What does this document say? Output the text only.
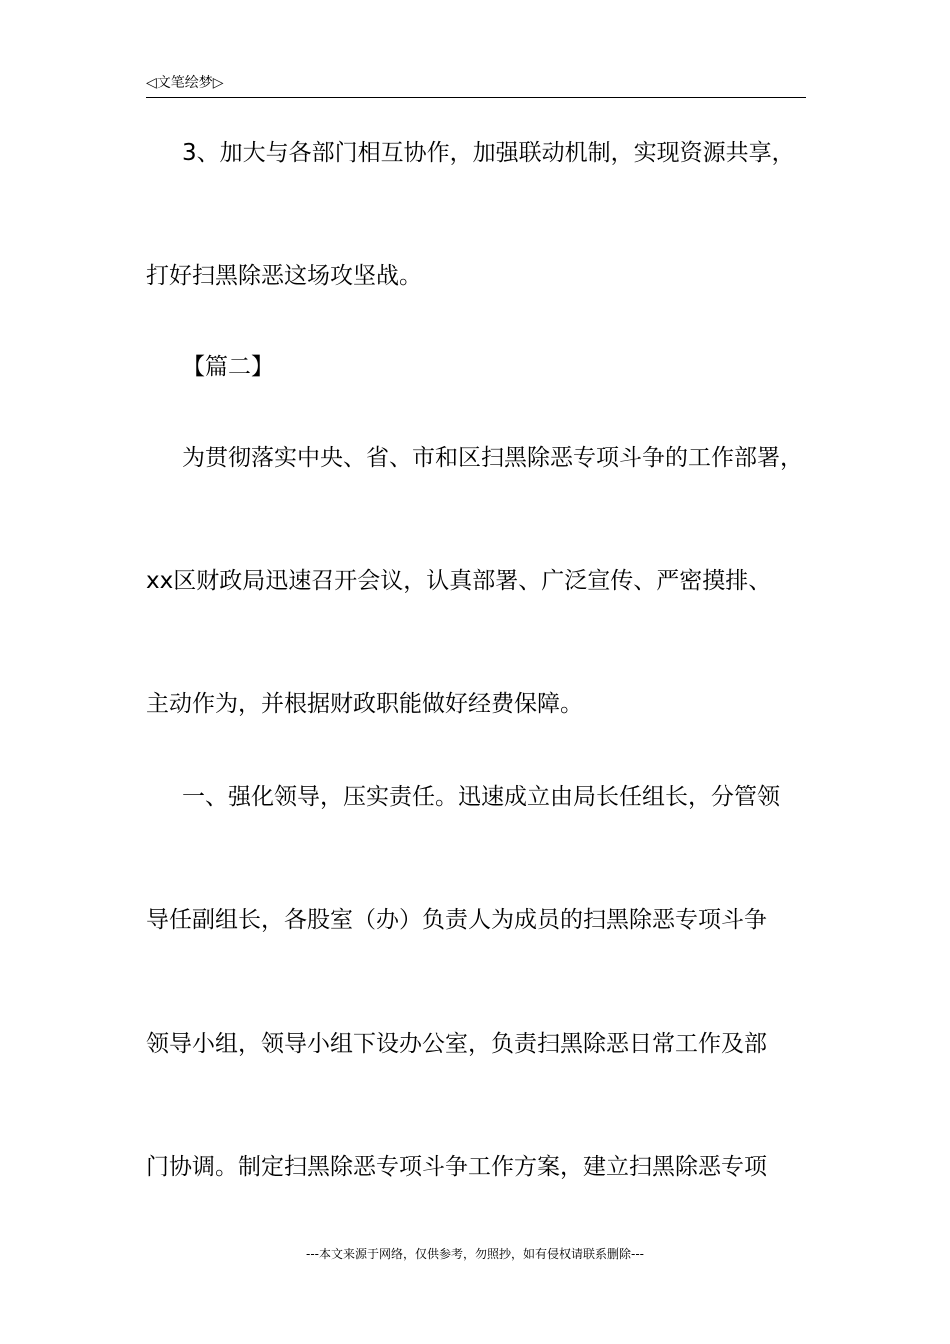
◁文笔绘梦▷
3、加大与各部门相互协作，加强联动机制，实现资源共享，
打好扫黑除恶这场攻坚战。
【篇二】
为贯彻落实中央、省、市和区扫黑除恶专项斗争的工作部署，
xx区财政局迅速召开会议，认真部署、广泛宣传、严密摸排、
主动作为，并根据财政职能做好经费保障。
一、强化领导，压实责任。迅速成立由局长任组长，分管领
导任副组长，各股室（办）负责人为成员的扫黑除恶专项斗争
领导小组，领导小组下设办公室，负责扫黑除恶日常工作及部
门协调。制定扫黑除恶专项斗争工作方案，建立扫黑除恶专项
---本文来源于网络，仅供参考，勿照抄，如有侵权请联系删除---
